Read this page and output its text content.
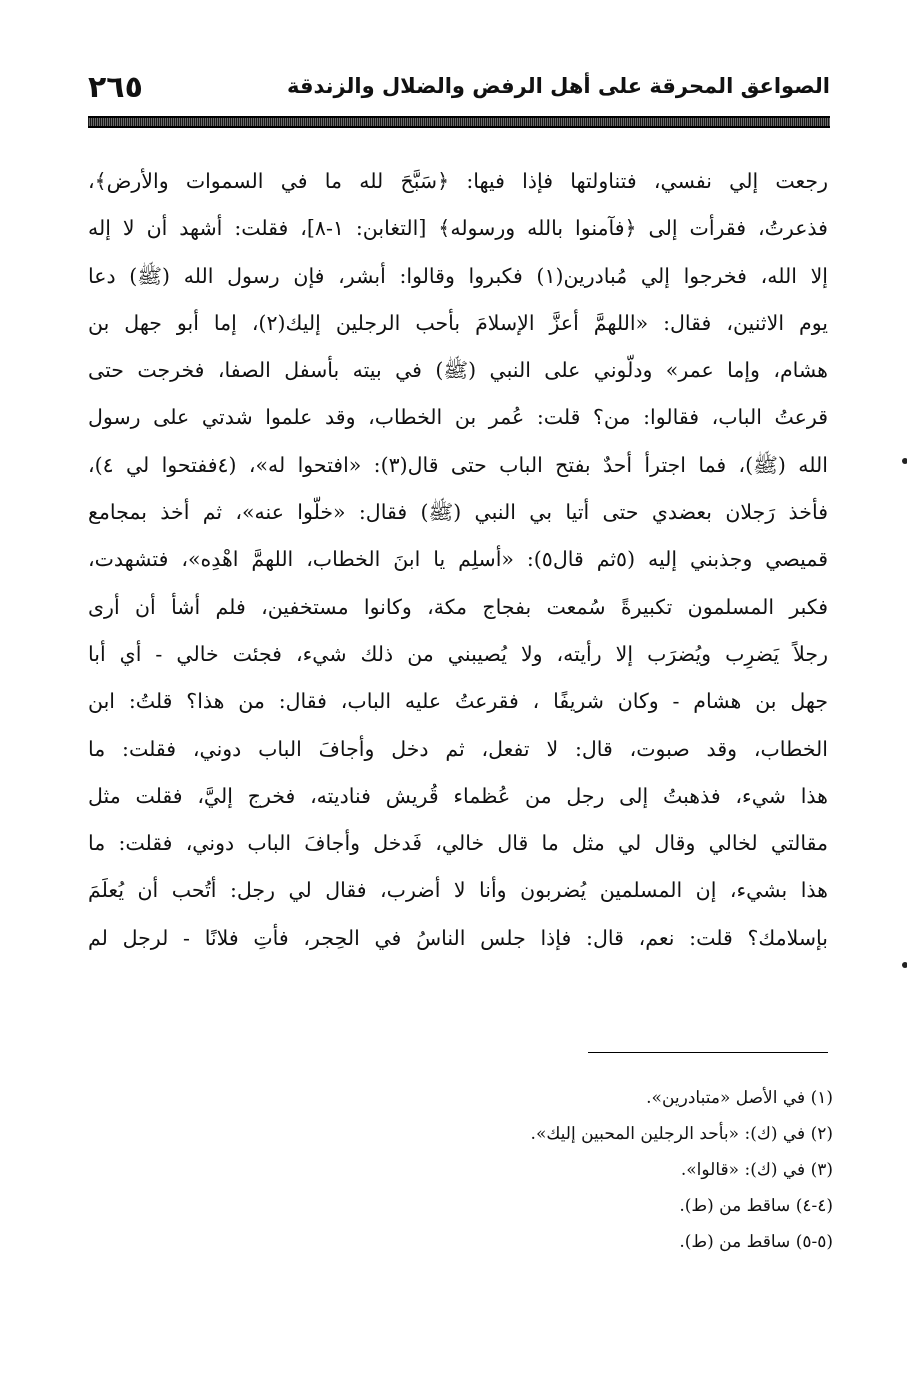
الصواعق المحرقة على أهل الرفض والضلال والزندقة
٢٦٥
رجعت إلي نفسي، فتناولتها فإذا فيها: ﴿سَبَّحَ لله ما في السموات والأرض﴾،
فذعرتُ، فقرأت إلى ﴿فآمنوا بالله ورسوله﴾ [التغابن: ١-٨]، فقلت: أشهد أن لا إله
إلا الله، فخرجوا إلي مُبادرين(١) فكبروا وقالوا: أبشر، فإن رسول الله (ﷺ) دعا
يوم الاثنين، فقال: «اللهمَّ أعزَّ الإسلامَ بأحب الرجلين إليك(٢)، إما أبو جهل بن
هشام، وإما عمر» ودلّوني على النبي (ﷺ) في بيته بأسفل الصفا، فخرجت حتى
قرعتُ الباب، فقالوا: من؟ قلت: عُمر بن الخطاب، وقد علموا شدتي على رسول
الله (ﷺ)، فما اجترأ أحدٌ بفتح الباب حتى قال(٣): «افتحوا له»، (٤ففتحوا لي ٤)،
فأخذ رَجلان بعضدي حتى أتيا بي النبي (ﷺ) فقال: «خلّوا عنه»، ثم أخذ بمجامع
قميصي وجذبني إليه (٥ثم قال٥): «أسلِم يا ابنَ الخطاب، اللهمَّ اهْدِه»، فتشهدت،
فكبر المسلمون تكبيرةً سُمعت بفجاج مكة، وكانوا مستخفين، فلم أشأ أن أرى
رجلاً يَضرِب ويُضرَب إلا رأيته، ولا يُصيبني من ذلك شيء، فجئت خالي - أي أبا
جهل بن هشام - وكان شريفًا ، فقرعتُ عليه الباب، فقال: من هذا؟ قلتُ: ابن
الخطاب، وقد صبوت، قال: لا تفعل، ثم دخل وأجافَ الباب دوني، فقلت: ما
هذا شيء، فذهبتُ إلى رجل من عُظماء قُريش فناديته، فخرج إليَّ، فقلت مثل
مقالتي لخالي وقال لي مثل ما قال خالي، فَدخل وأجافَ الباب دوني، فقلت: ما
هذا بشيء، إن المسلمين يُضربون وأنا لا أضرب، فقال لي رجل: أتُحب أن يُعلَمَ
بإسلامك؟ قلت: نعم، قال: فإذا جلس الناسُ في الحِجر، فأتِ فلانًا - لرجل لم
(١) في الأصل «متبادرين».
(٢) في (ك): «بأحد الرجلين المحبين إليك».
(٣) في (ك): «قالوا».
(٤-٤) ساقط من (ط).
(٥-٥) ساقط من (ط).
